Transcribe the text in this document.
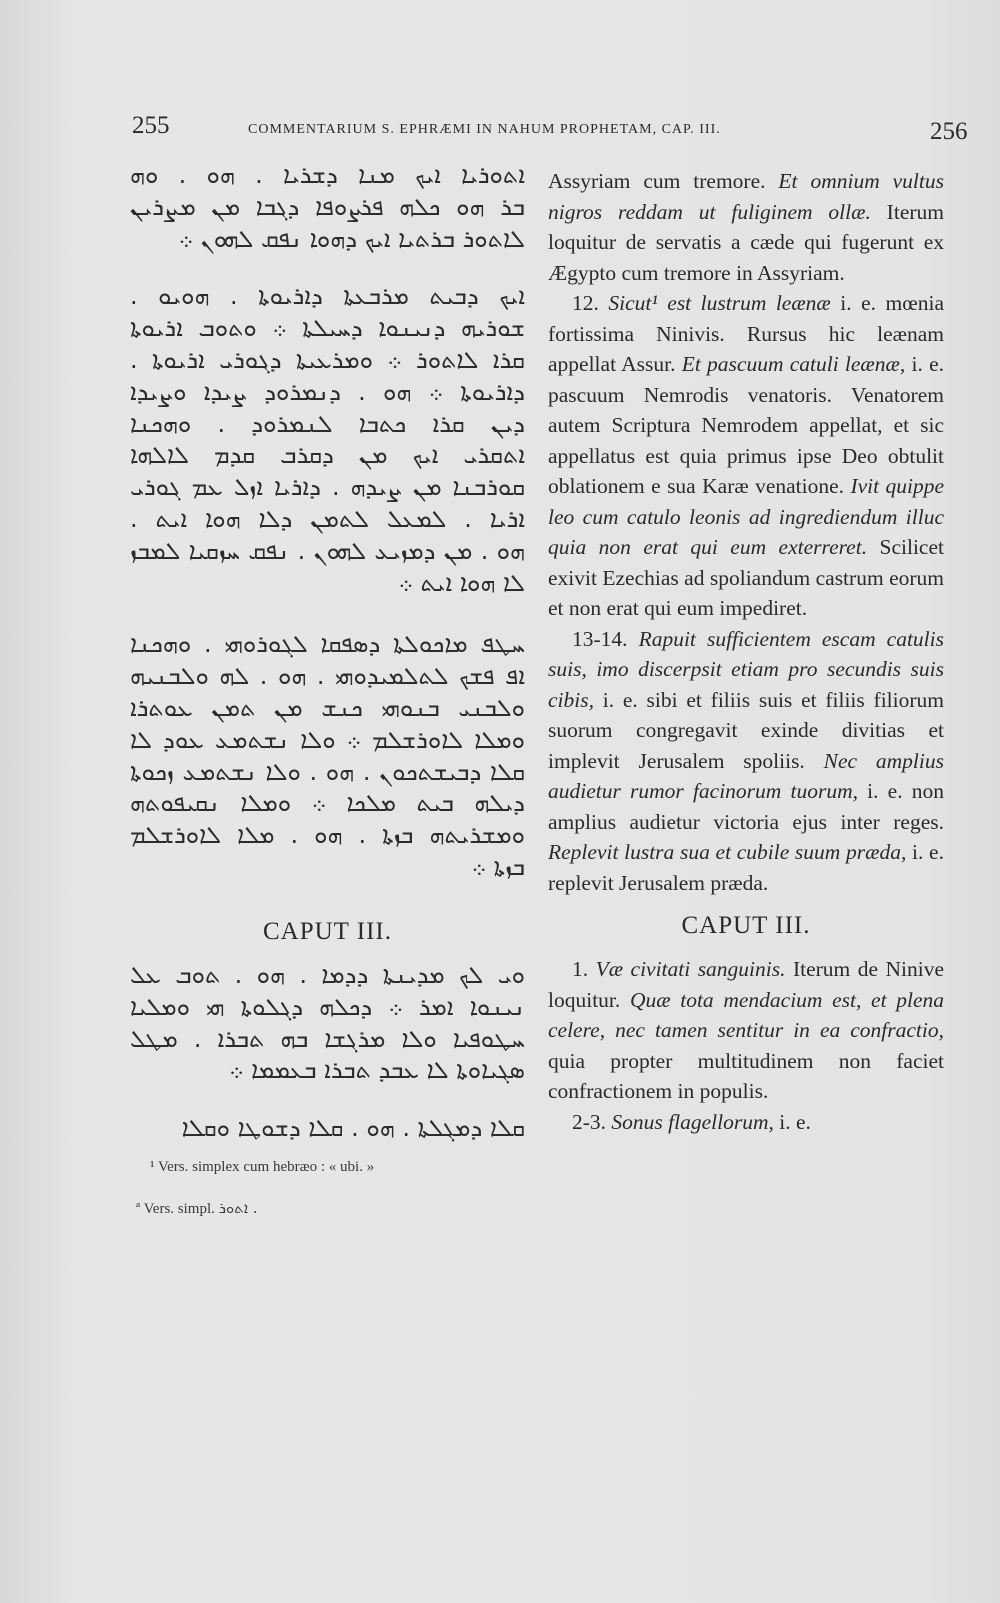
255	COMMENTARIUM S. EPHRÆMI IN NAHUM PROPHETAM, CAP. III.	256
ܐܬܘܪܝܐ ܐܝܟ ܡܢܐ ܕܫܪܝܐ . ܗܘ . ܘܗ
ܒܪ ܗܘ ܟܠܗ ܦܪܨܘܦܐ ܕܓܒܐ ܡܢ ܡܨܪܝܢ
ܠܐܬܘܪ ܒܪܬܝܐ ܐܝܟ ܕܗܘܐ ܢܦܩ ܠܗܘܢ ܀
ܐܝܟ ܕܒܝܬ ܡܪܒܥܬܐ ܕܐܪܝܘܬܐ . ܗܘܝܘ .
ܫܘܪܝܗ ܕܢܝܢܘܐ ܕܚܝܠܬܐ ܀ ܘܬܘܒ ܐܪܝܘܬܐ
ܩܪܐ ܠܐܬܘܪ ܀ ܘܡܪܥܝܬܐ ܕܓܘܪܝ ܐܪܝܘܬܐ .
ܕܐܪܝܘܬܐ ܀ ܗܘ . ܕܢܡܪܘܕ ܨܝܕܐ ܘܨܝܕܐ
ܕܝܢ ܩܪܐ ܟܬܒܐ ܠܢܡܪܘܕ . ܘܗܟܢܐ
ܐܬܩܪܝ ܐܝܟ ܡܢ ܕܩܪܒ ܩܕܡ ܠܐܠܗܐ
ܩܘܪܒܢܐ ܡܢ ܨܝܕܗ . ܕܐܪܝܐ ܐܙܠ ܥܡ ܓܘܪܝ
ܐܪܝܐ . ܠܡܥܠ ܠܬܡܢ ܕܠܐ ܗܘܐ ܐܝܬ .
ܗܘ . ܡܢ ܕܡܙܝܥ ܠܗܘܢ . ܢܦܩ ܚܙܩܝܐ ܠܡܒܙ
ܠܐ ܗܘܐ ܐܝܬ ܀
ܚܛܦ ܡܐܟܘܠܬܐ ܕܣܦܩܐ ܠܓܘܪܘܗܝ . ܘܗܟܢܐ
ܐܦ ܦܫܟ ܠܬܠܡܝܕܘܗܝ . ܗܘ . ܠܗ ܘܠܒܢܝܗ
ܘܠܒܢܝ ܒܢܘܗܝ ܟܢܫ ܡܢ ܬܡܢ ܥܘܬܪܐ
ܘܡܠܐ ܠܐܘܪܫܠܡ ܀ ܘܠܐ ܢܫܬܡܥ ܥܘܕ ܠܐ
ܩܠܐ ܕܒܝܫܬܟܘܢ . ܗܘ . ܘܠܐ ܢܫܬܡܥ ܙܟܘܬܐ
ܕܝܠܗ ܒܝܬ ܡܠܟܐ ܀ ܘܡܠܐ ܢܩܝܦܘܬܗ
ܘܡܫܪܝܬܗ ܒܙܬܐ . ܗܘ . ܡܠܐ ܠܐܘܪܫܠܡ
ܒܙܬܐ ܀
CAPUT III.
ܘܝ ܠܟ ܡܕܝܢܬܐ ܕܕܡܐ . ܗܘ . ܬܘܒ ܥܠ
ܢܝܢܘܐ ܐܡܪ ܀ ܕܟܠܗ ܕܓܠܘܬܐ ܗܝ ܘܡܠܝܐ
ܚܛܘܦܝܐ ܘܠܐ ܡܪܓܫܐ ܒܗ ܬܒܪܐ . ܡܛܠ
ܣܓܝܐܘܬܐ ܠܐ ܥܒܕ ܬܒܪܐ ܒܥܡܡܐ ܀
ܩܠܐ ܕܡܓܠܬܐ . ܗܘ . ܩܠܐ ܕܫܘܛܐ ܘܩܠܐ
¹ Vers. simplex cum hebræo : « ubi. »
ª Vers. simpl. ܐܬܘܪ .

Assyriam cum tremore. Et omnium vultus nigros reddam ut fuliginem ollæ. Iterum loquitur de servatis a cæde qui fugerunt ex Ægypto cum tremore in Assyriam.

12. Sicut¹ est lustrum leænæ i. e. mœnia fortissima Ninivis. Rursus hic leænam appellat Assur. Et pascuum catuli leænæ, i. e. pascuum Nemrodis venatoris. Venatorem autem Scriptura Nemrodem appellat, et sic appellatus est quia primus ipse Deo obtulit oblationem e sua Karæ venatione. Ivit quippe leo cum catulo leonis ad ingrediendum illuc quia non erat qui eum exterreret. Scilicet exivit Ezechias ad spoliandum castrum eorum et non erat qui eum impediret.

13-14. Rapuit sufficientem escam catulis suis, imo discerpsit etiam pro secundis suis cibis, i. e. sibi et filiis suis et filiis filiorum suorum congregavit exinde divitias et implevit Jerusalem spoliis. Nec amplius audietur rumor facinorum tuorum, i. e. non amplius audietur victoria ejus inter reges. Replevit lustra sua et cubile suum præda, i. e. replevit Jerusalem præda.

CAPUT III.

1. Væ civitati sanguinis. Iterum de Ninive loquitur. Quæ tota mendacium est, et plena celere, nec tamen sentitur in ea confractio, quia propter multitudinem non faciet confractionem in populis.

2-3. Sonus flagellorum, i. e.
